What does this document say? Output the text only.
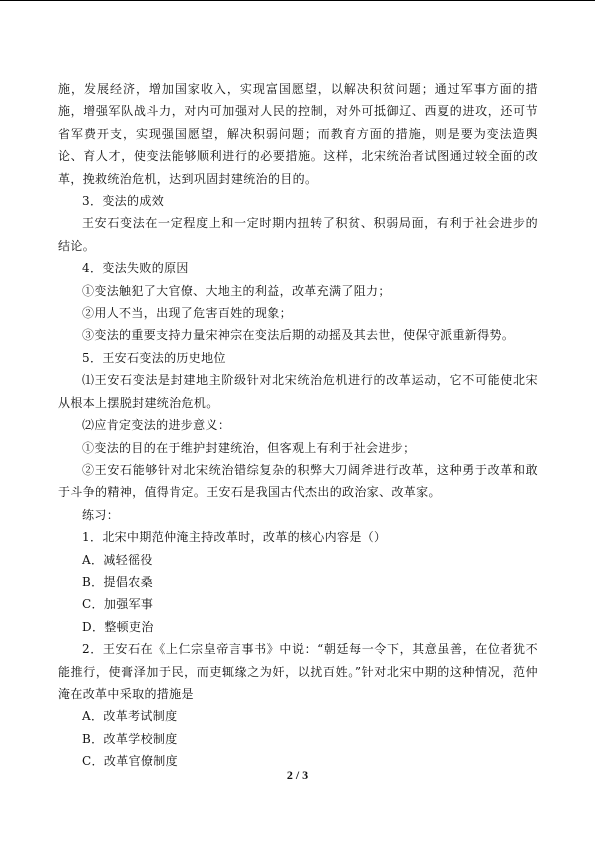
施，发展经济，增加国家收入，实现富国愿望，以解决积贫问题；通过军事方面的措施，增强军队战斗力，对内可加强对人民的控制，对外可抵御辽、西夏的进攻，还可节省军费开支，实现强国愿望，解决积弱问题；而教育方面的措施，则是要为变法造舆论、育人才，使变法能够顺利进行的必要措施。这样，北宋统治者试图通过较全面的改革，挽救统治危机，达到巩固封建统治的目的。

3．变法的成效

王安石变法在一定程度上和一定时期内扭转了积贫、积弱局面，有利于社会进步的结论。

4．变法失败的原因

①变法触犯了大官僚、大地主的利益，改革充满了阻力；

②用人不当，出现了危害百姓的现象；

③变法的重要支持力量宋神宗在变法后期的动摇及其去世，使保守派重新得势。

5．王安石变法的历史地位

⑴王安石变法是封建地主阶级针对北宋统治危机进行的改革运动，它不可能使北宋从根本上摆脱封建统治危机。

⑵应肯定变法的进步意义：

①变法的目的在于维护封建统治，但客观上有利于社会进步；

②王安石能够针对北宋统治错综复杂的积弊大刀阔斧进行改革，这种勇于改革和敢于斗争的精神，值得肯定。王安石是我国古代杰出的政治家、改革家。

练习：

1．北宋中期范仲淹主持改革时，改革的核心内容是（）

A．减轻徭役

B．提倡农桑

C．加强军事

D．整顿吏治

2．王安石在《上仁宗皇帝言事书》中说：“朝廷每一令下，其意虽善，在位者犹不能推行，使膏泽加于民，而吏辄缘之为奸，以扰百姓。”针对北宋中期的这种情况，范仲淹在改革中采取的措施是

A．改革考试制度

B．改革学校制度

C．改革官僚制度

2 / 3
